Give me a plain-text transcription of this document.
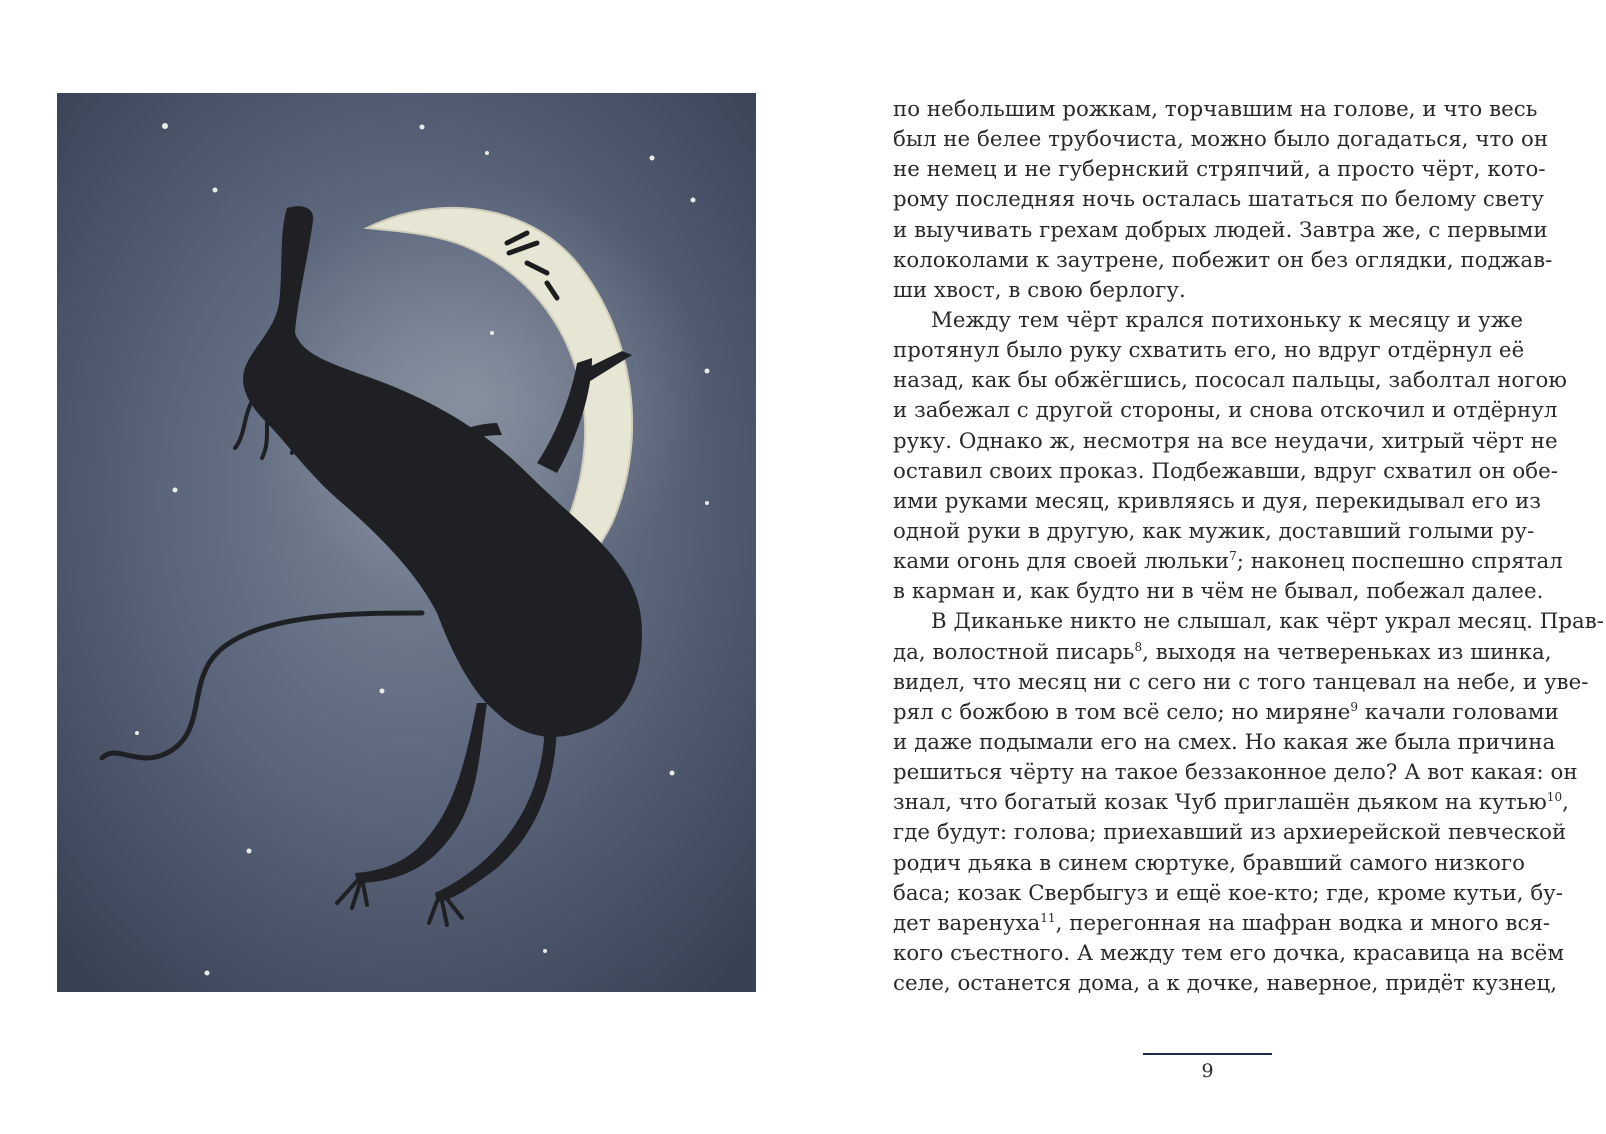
по небольшим рожкам, торчавшим на голове, и что весь
был не белее трубочиста, можно было догадаться, что он
не немец и не губернский стряпчий, а просто чёрт, кото-
рому последняя ночь осталась шататься по белому свету
и выучивать грехам добрых людей. Завтра же, с первыми
колоколами к заутрене, побежит он без оглядки, поджав-
ши хвост, в свою берлогу.
Между тем чёрт крался потихоньку к месяцу и уже
протянул было руку схватить его, но вдруг отдёрнул её
назад, как бы обжёгшись, пососал пальцы, заболтал ногою
и забежал с другой стороны, и снова отскочил и отдёрнул
руку. Однако ж, несмотря на все неудачи, хитрый чёрт не
оставил своих проказ. Подбежавши, вдруг схватил он обе-
ими руками месяц, кривляясь и дуя, перекидывал его из
одной руки в другую, как мужик, доставший голыми ру-
ками огонь для своей люльки$^7$; наконец поспешно спрятал
в карман и, как будто ни в чём не бывал, побежал далее.
В Диканьке никто не слышал, как чёрт украл месяц. Прав-
да, волостной писарь$^8$, выходя на четвереньках из шинка,
видел, что месяц ни с сего ни с того танцевал на небе, и уве-
рял с божбою в том всё село; но миряне$^9$ качали головами
и даже подымали его на смех. Но какая же была причина
решиться чёрту на такое беззаконное дело? А вот какая: он
знал, что богатый козак Чуб приглашён дьяком на кутью$^{10}$,
где будут: голова; приехавший из архиерейской певческой
родич дьяка в синем сюртуке, бравший самого низкого
баса; козак Свербыгуз и ещё кое-кто; где, кроме кутьи, бу-
дет варенуха$^{11}$, перегонная на шафран водка и много вся-
кого съестного. А между тем его дочка, красавица на всём
селе, останется дома, а к дочке, наверное, придёт кузнец,
9
